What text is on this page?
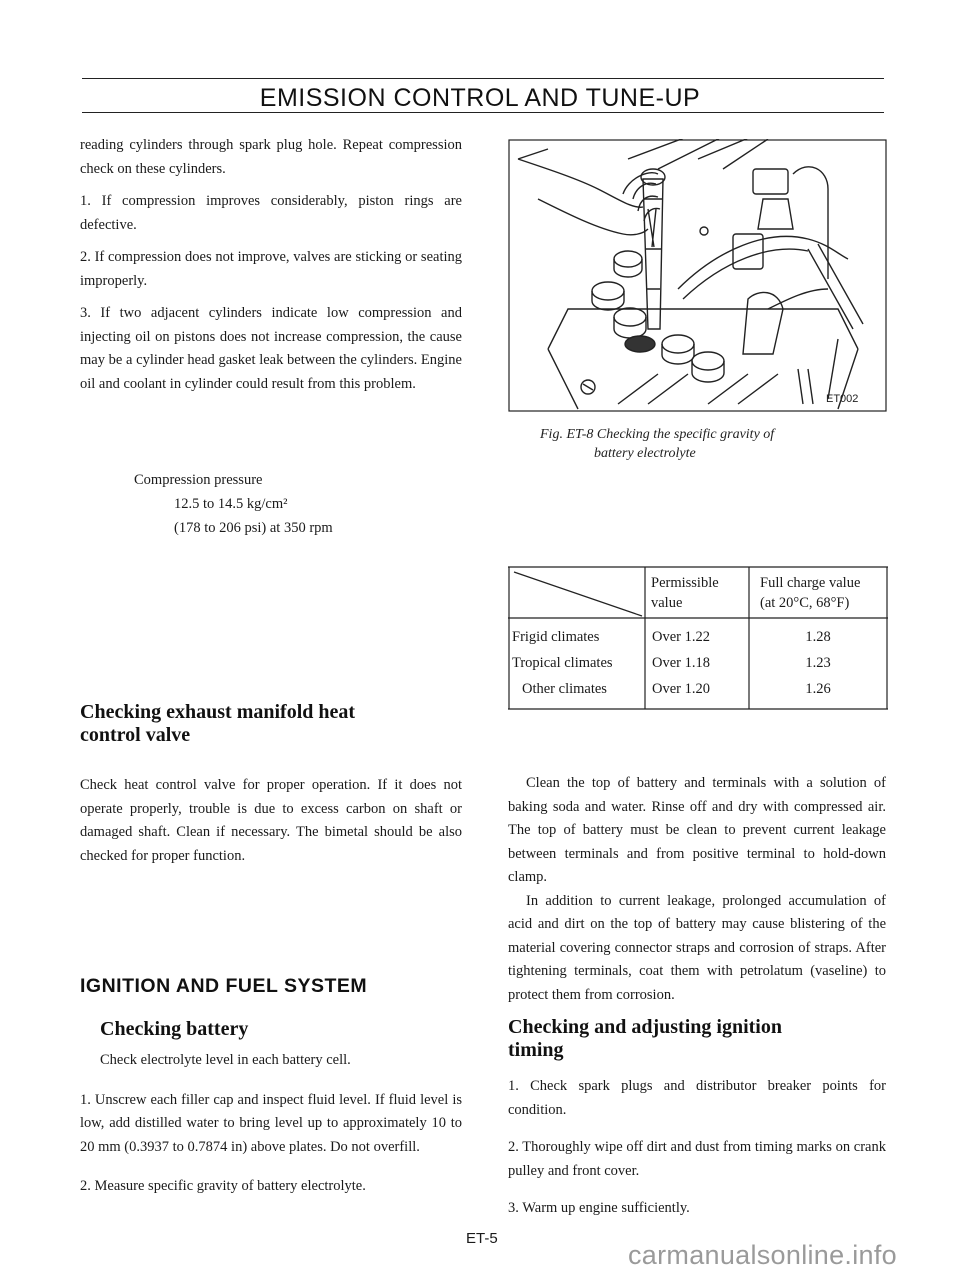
EMISSION CONTROL AND TUNE-UP

reading cylinders through spark plug hole. Repeat compression check on these cylinders.

1. If compression improves considerably, piston rings are defective.

2. If compression does not improve, valves are sticking or seating improperly.

3. If two adjacent cylinders indicate low compression and injecting oil on pistons does not increase compression, the cause may be a cylinder head gasket leak between the cylinders. Engine oil and coolant in cylinder could result from this problem.

Compression pressure
12.5 to 14.5 kg/cm²
(178 to 206 psi) at 350 rpm
Checking exhaust manifold heat
control valve

Check heat control valve for proper operation. If it does not operate properly, trouble is due to excess carbon on shaft or damaged shaft. Clean if necessary. The bimetal should be also checked for proper function.

IGNITION AND FUEL SYSTEM
Checking battery

Check electrolyte level in each battery cell.

1. Unscrew each filler cap and inspect fluid level. If fluid level is low, add distilled water to bring level up to approximately 10 to 20 mm (0.3937 to 0.7874 in) above plates. Do not overfill.

2. Measure specific gravity of battery electrolyte.

ET002
Fig. ET-8 Checking the specific gravity of
battery electrolyte
Permissible
value
Full charge value
(at 20°C, 68°F)
Frigid climates
Tropical climates
Other climates
Over 1.22
Over 1.18
Over 1.20
1.28
1.23
1.26

Clean the top of battery and terminals with a solution of baking soda and water. Rinse off and dry with compressed air. The top of battery must be clean to prevent current leakage between terminals and from positive terminal to hold-down clamp.

In addition to current leakage, prolonged accumulation of acid and dirt on the top of battery may cause blistering of the material covering connector straps and corrosion of straps. After tightening terminals, coat them with petrolatum (vaseline) to protect them from corrosion.

Checking and adjusting ignition
timing

1. Check spark plugs and distributor breaker points for condition.

2. Thoroughly wipe off dirt and dust from timing marks on crank pulley and front cover.

3. Warm up engine sufficiently.

ET-5
carmanualsonline.info
